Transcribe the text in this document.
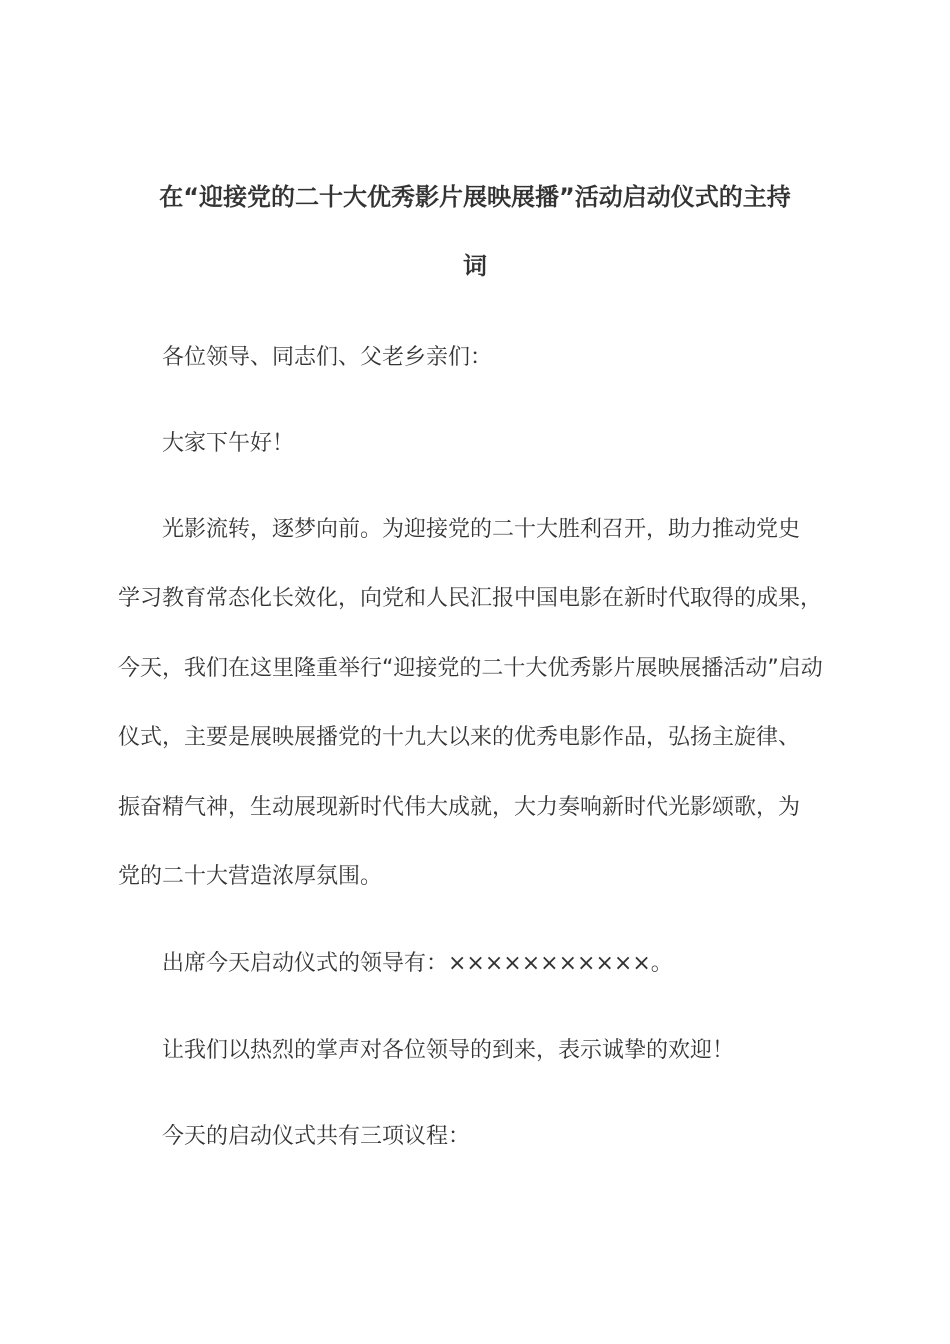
在“迎接党的二十大优秀影片展映展播”活动启动仪式的主持
词
各位领导、同志们、父老乡亲们：
大家下午好！
光影流转，逐梦向前。为迎接党的二十大胜利召开，助力推动党史
学习教育常态化长效化，向党和人民汇报中国电影在新时代取得的成果，
今天，我们在这里隆重举行“迎接党的二十大优秀影片展映展播活动”启动
仪式，主要是展映展播党的十九大以来的优秀电影作品，弘扬主旋律、
振奋精气神，生动展现新时代伟大成就，大力奏响新时代光影颂歌，为
党的二十大营造浓厚氛围。
出席今天启动仪式的领导有：×××××××××××。
让我们以热烈的掌声对各位领导的到来，表示诚挚的欢迎！
今天的启动仪式共有三项议程：
